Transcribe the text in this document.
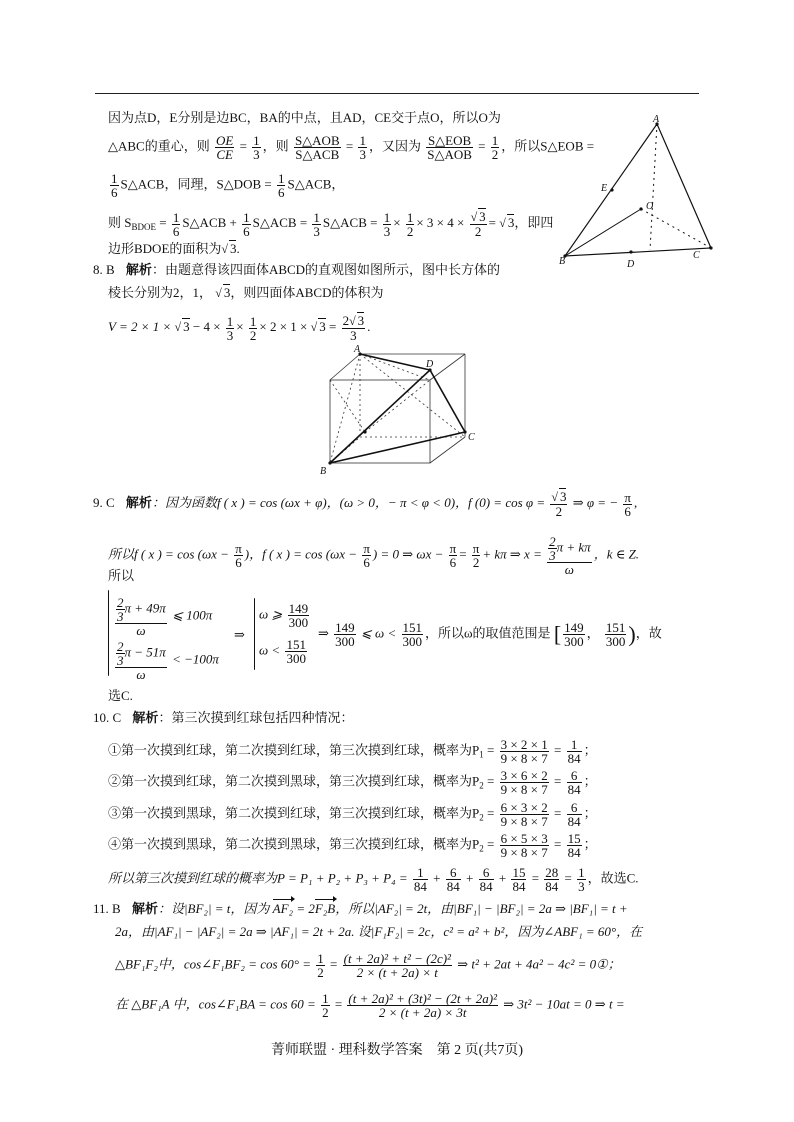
因为点D，E分别是边BC，BA的中点，且AD，CE交于点O，所以O为
△ABC的重心，则 $\frac{OE}{CE} = \frac{1}{3}$ ，则 $\frac{\text{S△AOB}}{\text{S△ACB}} = \frac{1}{3}$ ，又因为 $\frac{\text{S△EOB}}{\text{S△AOB}} = \frac{1}{2}$ ，所以S△EOB =
$\frac{1}{6}$ S△ACB，同理，S△DOB = $\frac{1}{6}$ S△ACB，
则 $S_{BDOE} = \frac{1}{6}$ S△ACB + $\frac{1}{6}$ S△ACB = $\frac{1}{3}$ S△ACB = $\frac{1}{3} \times \frac{1}{2} \times 3 \times 4 \times \frac{√ 3}{2}$ = √ 3，即四
边形BDOE的面积为√ 3.
A
E
O
B	D
C
8. B 解析：由题意得该四面体ABCD的直观图如图所示，图中长方体的
棱长分别为2，1， √ 3，则四面体ABCD的体积为
V = 2 × 1 × √ $3 - 4 \times \frac{1}{3} \times \frac{1}{2} \times 2 \times 1$ × √ $3 = \frac{2√ 3}{3}$ .
A
D
C
B
9. C 解析：因为函数f ( x ) = cos (ωx + φ)，(ω > 0，− π < φ < 0)，f $(0) = \cos \varphi = \frac{√ 3}{2}$ ⇒ φ = − $\frac{\pi}{6}$ ,
所以f ( x ) = $\cos (\omega x - \frac{\pi}{6}$ )，f ( x ) = $\cos (\omega x - \frac{\pi}{6}$ ) = 0 ⇒ $\omega x - \frac{\pi}{6} = \frac{\pi}{2} + k\pi$ ⇒ $x = \frac{\frac{2}{3} \pi + k\pi}{\omega}$ ，k ∈ Z.
所以
$\frac{\frac{2}{3} \pi + 49\pi}{\omega}$ ⩽ 100π
$\frac{\frac{2}{3} \pi - 51\pi}{\omega} < -100\pi$
⇒
ω ⩾ $\frac{149}{300}$
$\omega < \frac{151}{300}$
⇒ $\frac{149}{300}$ ⩽ $\omega < \frac{151}{300}$ ，所以ω的取值范围是 [ $\frac{149}{300}$ ， $\frac{151}{300}$ )，故
选C.
10. C 解析：第三次摸到红球包括四种情况：
①第一次摸到红球，第二次摸到红球，第三次摸到红球，概率为$P_1 = \frac{3 \times 2 \times 1}{9 \times 8 \times 7} = \frac{1}{84}$ ；
②第一次摸到红球，第二次摸到黑球，第三次摸到红球，概率为$P_2 = \frac{3 \times 6 \times 2}{9 \times 8 \times 7} = \frac{6}{84}$ ；
③第一次摸到黑球，第二次摸到红球，第三次摸到红球，概率为$P_2 = \frac{6 \times 3 \times 2}{9 \times 8 \times 7} = \frac{6}{84}$ ；
④第一次摸到黑球，第二次摸到黑球，第三次摸到红球，概率为$P_2 = \frac{6 \times 5 \times 3}{9 \times 8 \times 7} = \frac{15}{84}$ ；
所以第三次摸到红球的概率为$P = P_1 + P_2 + P_3 + P_4 = \frac{1}{84} + \frac{6}{84} + \frac{6}{84} + \frac{15}{84} = \frac{28}{84} = \frac{1}{3}$ ，故选C.
11. B 解析：设|BF₂| = t，因为 AF₂ = 2F₂B，所以|AF₂| = 2t，由|BF₁| − |BF₂| = 2a ⇒ |BF₁| = t +
2a，由|AF₁| − |AF₂| = 2a ⇒ |AF₁| = 2t + 2a. 设|F₁F₂| = 2c，c² = a² + b²，因为∠ABF₁ = 60°，在
△BF₁F₂中，cos∠F₁BF₂ = $\cos 60^\circ = \frac{1}{2} = \frac{\text{(t + 2a)² + t² − (2c)²}}{2 \times (t + 2a) \times t}$ ⇒ t² + 2at + 4a² − 4c² = 0①；
在 △BF₁A 中，cos∠F₁BA = $\cos 60 = \frac{1}{2} = \frac{\text{(t + 2a)² + (3t)² − (2t + 2a)²}}{2 \times (t + 2a) \times 3t}$ ⇒ 3t² − 10at = 0 ⇒ t =
菁师联盟 · 理科数学答案　第 2 页(共7页)
